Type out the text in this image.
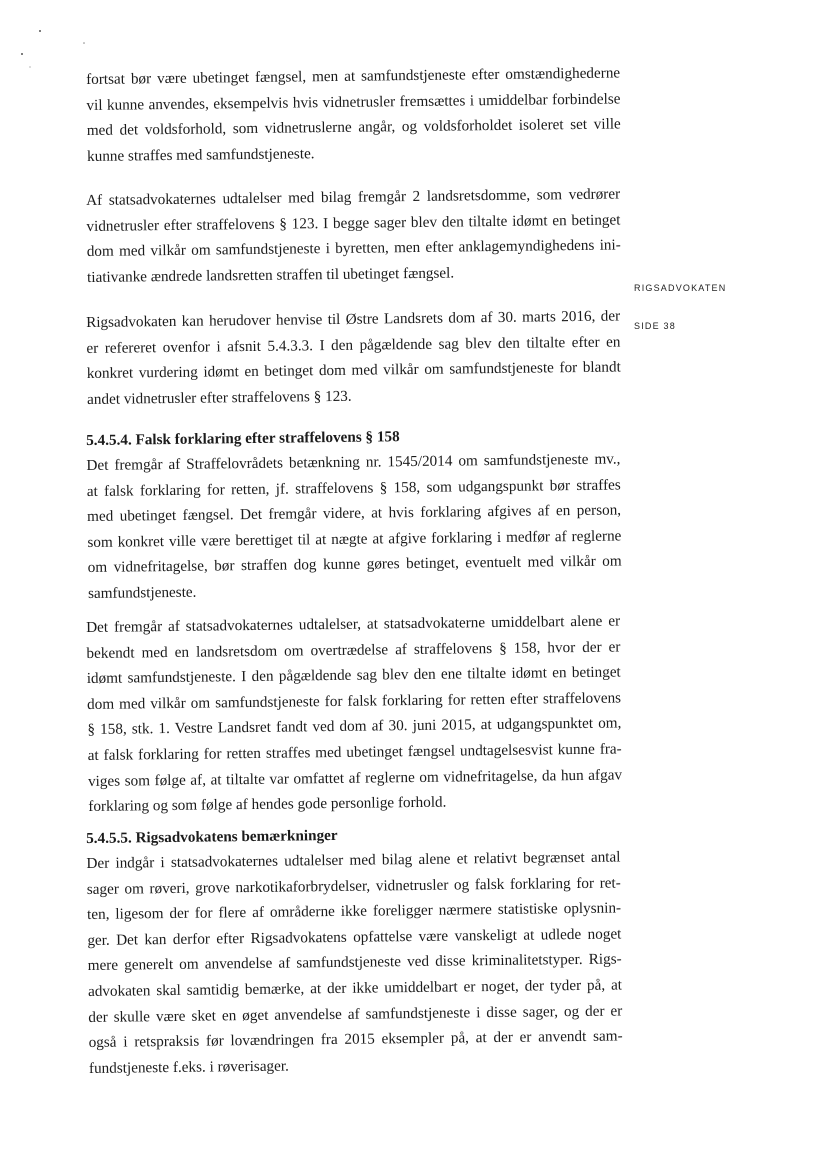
RIGSADVOKATEN
SIDE 38

fortsat bør være ubetinget fængsel, men at samfundstjeneste efter omstændighederne
vil kunne anvendes, eksempelvis hvis vidnetrusler fremsættes i umiddelbar forbindelse
med det voldsforhold, som vidnetruslerne angår, og voldsforholdet isoleret set ville
kunne straffes med samfundstjeneste.

Af statsadvokaternes udtalelser med bilag fremgår 2 landsretsdomme, som vedrører
vidnetrusler efter straffelovens § 123. I begge sager blev den tiltalte idømt en betinget
dom med vilkår om samfundstjeneste i byretten, men efter anklagemyndighedens ini-
tiativanke ændrede landsretten straffen til ubetinget fængsel.

Rigsadvokaten kan herudover henvise til Østre Landsrets dom af 30. marts 2016, der
er refereret ovenfor i afsnit 5.4.3.3. I den pågældende sag blev den tiltalte efter en
konkret vurdering idømt en betinget dom med vilkår om samfundstjeneste for blandt
andet vidnetrusler efter straffelovens § 123.

5.4.5.4. Falsk forklaring efter straffelovens § 158

Det fremgår af Straffelovrådets betænkning nr. 1545/2014 om samfundstjeneste mv.,
at falsk forklaring for retten, jf. straffelovens § 158, som udgangspunkt bør straffes
med ubetinget fængsel. Det fremgår videre, at hvis forklaring afgives af en person,
som konkret ville være berettiget til at nægte at afgive forklaring i medfør af reglerne
om vidnefritagelse, bør straffen dog kunne gøres betinget, eventuelt med vilkår om
samfundstjeneste.

Det fremgår af statsadvokaternes udtalelser, at statsadvokaterne umiddelbart alene er
bekendt med en landsretsdom om overtrædelse af straffelovens § 158, hvor der er
idømt samfundstjeneste. I den pågældende sag blev den ene tiltalte idømt en betinget
dom med vilkår om samfundstjeneste for falsk forklaring for retten efter straffelovens
§ 158, stk. 1. Vestre Landsret fandt ved dom af 30. juni 2015, at udgangspunktet om,
at falsk forklaring for retten straffes med ubetinget fængsel undtagelsesvist kunne fra-
viges som følge af, at tiltalte var omfattet af reglerne om vidnefritagelse, da hun afgav
forklaring og som følge af hendes gode personlige forhold.

5.4.5.5. Rigsadvokatens bemærkninger

Der indgår i statsadvokaternes udtalelser med bilag alene et relativt begrænset antal
sager om røveri, grove narkotikaforbrydelser, vidnetrusler og falsk forklaring for ret-
ten, ligesom der for flere af områderne ikke foreligger nærmere statistiske oplysnin-
ger. Det kan derfor efter Rigsadvokatens opfattelse være vanskeligt at udlede noget
mere generelt om anvendelse af samfundstjeneste ved disse kriminalitetstyper. Rigs-
advokaten skal samtidig bemærke, at der ikke umiddelbart er noget, der tyder på, at
der skulle være sket en øget anvendelse af samfundstjeneste i disse sager, og der er
også i retspraksis før lovændringen fra 2015 eksempler på, at der er anvendt sam-
fundstjeneste f.eks. i røverisager.
